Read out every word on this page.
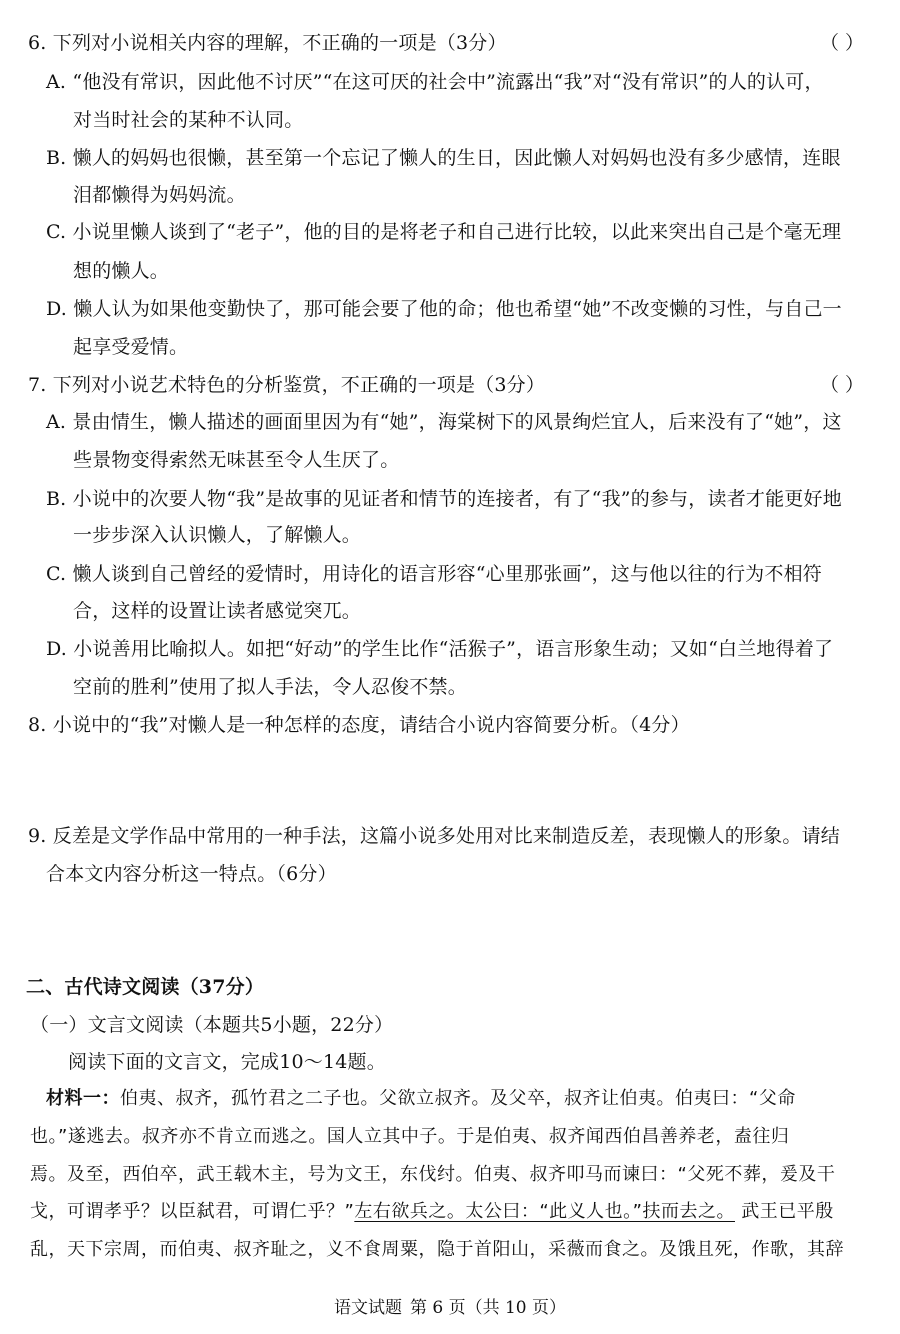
6. 下列对小说相关内容的理解，不正确的一项是（3分）	（ ）
A. “他没有常识，因此他不讨厌”“在这可厌的社会中”流露出“我”对“没有常识”的人的认可，
对当时社会的某种不认同。
B. 懒人的妈妈也很懒，甚至第一个忘记了懒人的生日，因此懒人对妈妈也没有多少感情，连眼
泪都懒得为妈妈流。
C. 小说里懒人谈到了“老子”，他的目的是将老子和自己进行比较，以此来突出自己是个毫无理
想的懒人。
D. 懒人认为如果他变勤快了，那可能会要了他的命；他也希望“她”不改变懒的习性，与自己一
起享受爱情。
7. 下列对小说艺术特色的分析鉴赏，不正确的一项是（3分）	（ ）
A. 景由情生，懒人描述的画面里因为有“她”，海棠树下的风景绚烂宜人，后来没有了“她”，这
些景物变得索然无味甚至令人生厌了。
B. 小说中的次要人物“我”是故事的见证者和情节的连接者，有了“我”的参与，读者才能更好地
一步步深入认识懒人，了解懒人。
C. 懒人谈到自己曾经的爱情时，用诗化的语言形容“心里那张画”，这与他以往的行为不相符
合，这样的设置让读者感觉突兀。
D. 小说善用比喻拟人。如把“好动”的学生比作“活猴子”，语言形象生动；又如“白兰地得着了
空前的胜利”使用了拟人手法，令人忍俊不禁。
8. 小说中的“我”对懒人是一种怎样的态度，请结合小说内容简要分析。（4分）
9. 反差是文学作品中常用的一种手法，这篇小说多处用对比来制造反差，表现懒人的形象。请结
合本文内容分析这一特点。（6分）
二、古代诗文阅读（37分）
（一）文言文阅读（本题共5小题，22分）
阅读下面的文言文，完成10～14题。
材料一：伯夷、叔齐，孤竹君之二子也。父欲立叔齐。及父卒，叔齐让伯夷。伯夷曰：“父命
也。”遂逃去。叔齐亦不肯立而逃之。国人立其中子。于是伯夷、叔齐闻西伯昌善养老，盍往归
焉。及至，西伯卒，武王载木主，号为文王，东伐纣。伯夷、叔齐叩马而谏曰：“父死不葬，爰及干
戈，可谓孝乎？以臣弑君，可谓仁乎？”左右欲兵之。太公曰：“此义人也。”扶而去之。 武王已平殷
乱，天下宗周，而伯夷、叔齐耻之，义不食周粟，隐于首阳山，采薇而食之。及饿且死，作歌，其辞
语文试题 第 6 页（共 10 页）
